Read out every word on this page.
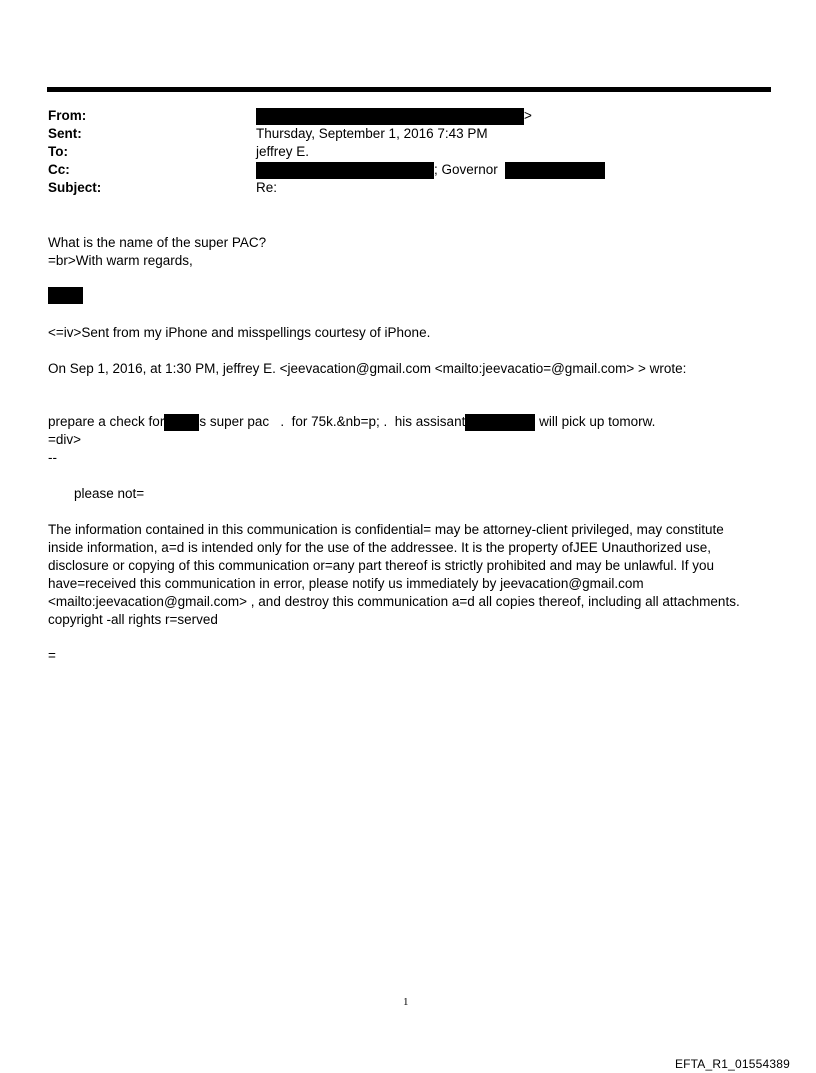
From:
Sent:
To:
Cc:
Subject:
>
Thursday, September 1, 2016 7:43 PM
jeffrey E.
; Governor
Re:
What is the name of the super PAC?
=br>With warm regards,
<=iv>Sent from my iPhone and misspellings courtesy of iPhone.
On Sep 1, 2016, at 1:30 PM, jeffrey E. <jeevacation@gmail.com <mailto:jeevacatio=@gmail.com> > wrote:
prepare a check for	s super pac   .  for 75k.&nb=p; .  his assisant	will pick up tomorw.
=div>
--
please not=
The information contained in this communication is confidential= may be attorney-client privileged, may constitute
inside information, a=d is intended only for the use of the addressee. It is the property ofJEE Unauthorized use,
disclosure or copying of this communication or=any part thereof is strictly prohibited and may be unlawful. If you
have=received this communication in error, please notify us immediately by jeevacation@gmail.com
<mailto:jeevacation@gmail.com> , and destroy this communication a=d all copies thereof, including all attachments.
copyright -all rights r=served
=
1
EFTA_R1_01554389
